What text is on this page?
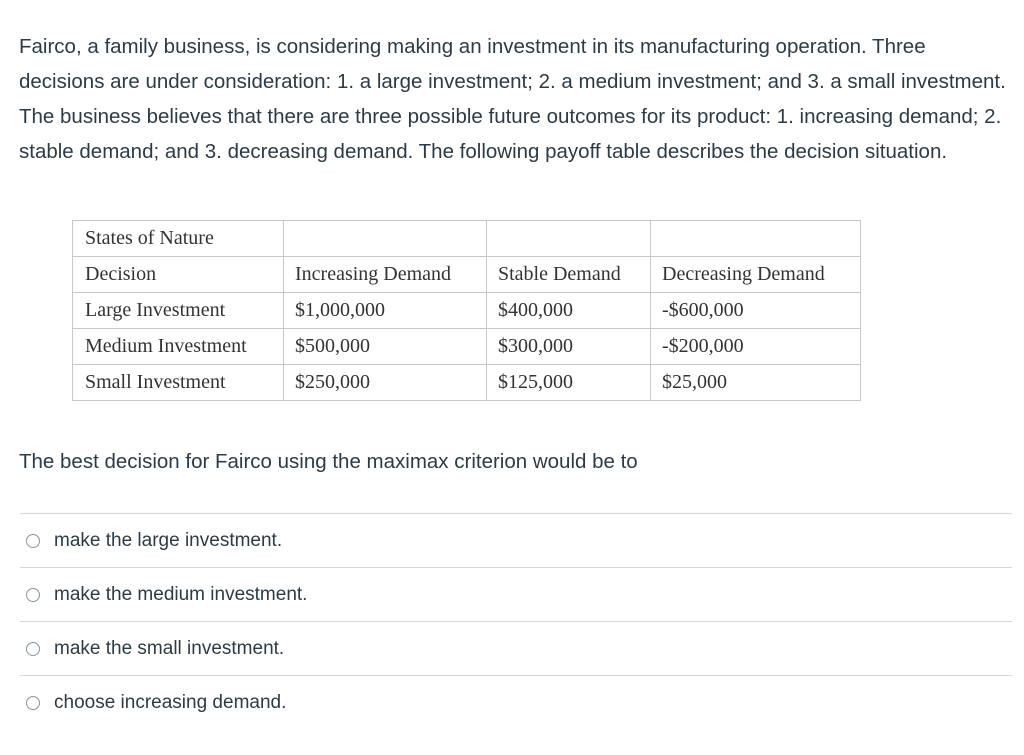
Fairco, a family business, is considering making an investment in its manufacturing operation. Three decisions are under consideration: 1. a large investment; 2. a medium investment; and 3. a small investment. The business believes that there are three possible future outcomes for its product: 1. increasing demand; 2. stable demand; and 3. decreasing demand. The following payoff table describes the decision situation.

States of Nature			
Decision	Increasing Demand	Stable Demand	Decreasing Demand
Large Investment	$1,000,000	$400,000	-$600,000
Medium Investment	$500,000	$300,000	-$200,000
Small Investment	$250,000	$125,000	$25,000

The best decision for Fairco using the maximax criterion would be to

make the large investment.
make the medium investment.
make the small investment.
choose increasing demand.
